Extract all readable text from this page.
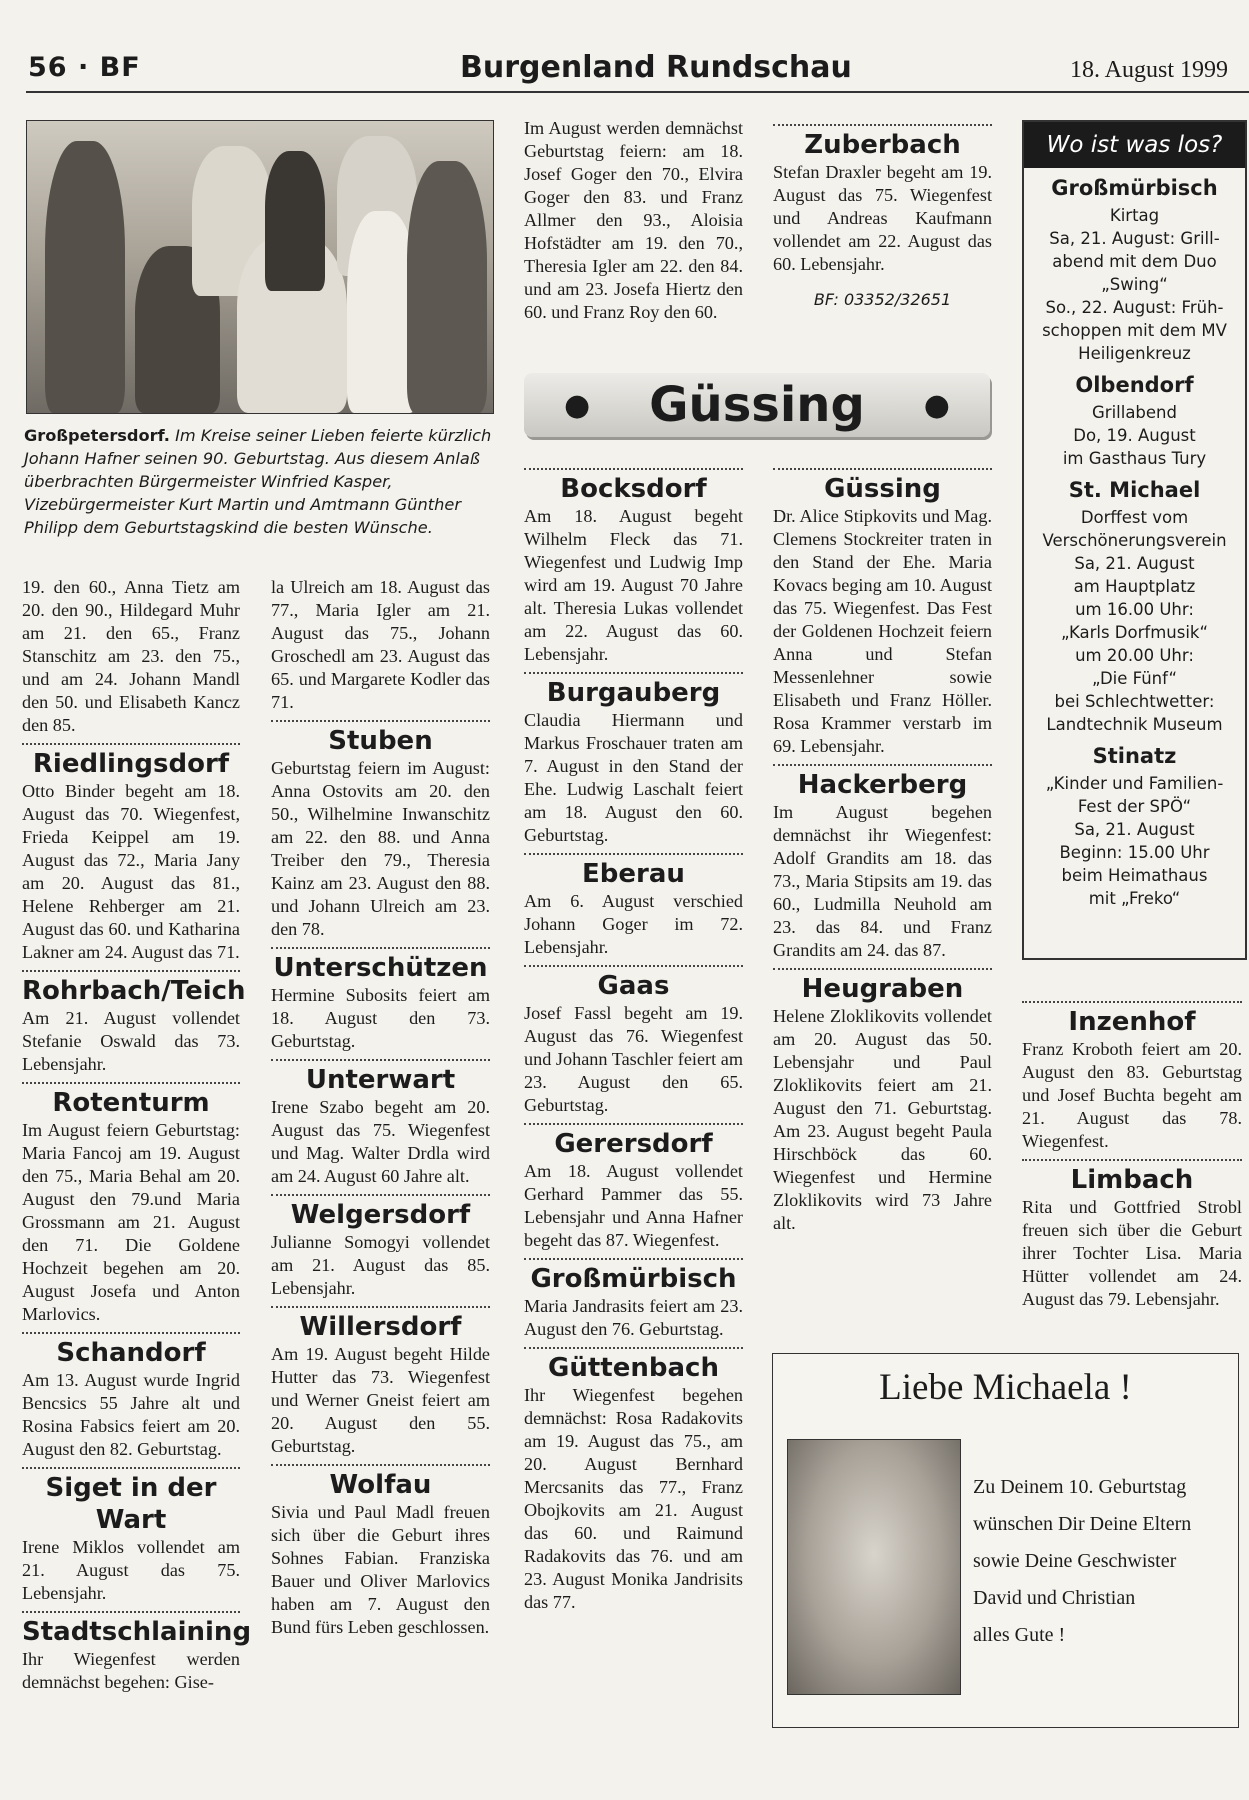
56 · BF	Burgenland Rundschau	18. August 1999
Großpetersdorf. Im Kreise seiner Lieben feierte kürzlich Johann Hafner seinen 90. Geburtstag. Aus diesem Anlaß überbrachten Bürgermeister Winfried Kasper, Vizebürgermeister Kurt Martin und Amtmann Günther Philipp dem Geburtstagskind die besten Wünsche.

19. den 60., Anna Tietz am 20. den 90., Hildegard Muhr am 21. den 65., Franz Stanschitz am 23. den 75., und am 24. Johann Mandl den 50. und Elisabeth Kancz den 85.

Riedlingsdorf

Otto Binder begeht am 18. August das 70. Wiegenfest, Frieda Keippel am 19. August das 72., Maria Jany am 20. August das 81., Helene Rehberger am 21. August das 60. und Katharina Lakner am 24. August das 71.

Rohrbach/Teich

Am 21. August vollendet Stefanie Oswald das 73. Lebensjahr.

Rotenturm

Im August feiern Geburtstag: Maria Fancoj am 19. August den 75., Maria Behal am 20. August den 79.und Maria Grossmann am 21. August den 71. Die Goldene Hochzeit begehen am 20. August Josefa und Anton Marlovics.

Schandorf

Am 13. August wurde Ingrid Bencsics 55 Jahre alt und Rosina Fabsics feiert am 20. August den 82. Geburtstag.

Siget in der Wart

Irene Miklos vollendet am 21. August das 75. Lebensjahr.

Stadtschlaining

Ihr Wiegenfest werden demnächst begehen: Gise-

la Ulreich am 18. August das 77., Maria Igler am 21. August das 75., Johann Groschedl am 23. August das 65. und Margarete Kodler das 71.

Stuben

Geburtstag feiern im August: Anna Ostovits am 20. den 50., Wilhelmine Inwanschitz am 22. den 88. und Anna Treiber den 79., Theresia Kainz am 23. August den 88. und Johann Ulreich am 23. den 78.

Unterschützen

Hermine Subosits feiert am 18. August den 73. Geburtstag.

Unterwart

Irene Szabo begeht am 20. August das 75. Wiegenfest und Mag. Walter Drdla wird am 24. August 60 Jahre alt.

Welgersdorf

Julianne Somogyi vollendet am 21. August das 85. Lebensjahr.

Willersdorf

Am 19. August begeht Hilde Hutter das 73. Wiegenfest und Werner Gneist feiert am 20. August den 55. Geburtstag.

Wolfau

Sivia und Paul Madl freuen sich über die Geburt ihres Sohnes Fabian. Franziska Bauer und Oliver Marlovics haben am 7. August den Bund fürs Leben geschlossen.

Im August werden demnächst Geburtstag feiern: am 18. Josef Goger den 70., Elvira Goger den 83. und Franz Allmer den 93., Aloisia Hofstädter am 19. den 70., Theresia Igler am 22. den 84. und am 23. Josefa Hiertz den 60. und Franz Roy den 60.

Zuberbach

Stefan Draxler begeht am 19. August das 75. Wiegenfest und Andreas Kaufmann vollendet am 22. August das 60. Lebensjahr.

BF: 03352/32651

● Güssing ●
Bocksdorf

Am 18. August begeht Wilhelm Fleck das 71. Wiegenfest und Ludwig Imp wird am 19. August 70 Jahre alt. Theresia Lukas vollendet am 22. August das 60. Lebensjahr.

Burgauberg

Claudia Hiermann und Markus Froschauer traten am 7. August in den Stand der Ehe. Ludwig Laschalt feiert am 18. August den 60. Geburtstag.

Eberau

Am 6. August verschied Johann Goger im 72. Lebensjahr.

Gaas

Josef Fassl begeht am 19. August das 76. Wiegenfest und Johann Taschler feiert am 23. August den 65. Geburtstag.

Gerersdorf

Am 18. August vollendet Gerhard Pammer das 55. Lebensjahr und Anna Hafner begeht das 87. Wiegenfest.

Großmürbisch

Maria Jandrasits feiert am 23. August den 76. Geburtstag.

Güttenbach

Ihr Wiegenfest begehen demnächst: Rosa Radakovits am 19. August das 75., am 20. August Bernhard Mercsanits das 77., Franz Obojkovits am 21. August das 60. und Raimund Radakovits das 76. und am 23. August Monika Jandrisits das 77.

Güssing

Dr. Alice Stipkovits und Mag. Clemens Stockreiter traten in den Stand der Ehe. Maria Kovacs beging am 10. August das 75. Wiegenfest. Das Fest der Goldenen Hochzeit feiern Anna und Stefan Messenlehner sowie Elisabeth und Franz Höller. Rosa Krammer verstarb im 69. Lebensjahr.

Hackerberg

Im August begehen demnächst ihr Wiegenfest: Adolf Grandits am 18. das 73., Maria Stipsits am 19. das 60., Ludmilla Neuhold am 23. das 84. und Franz Grandits am 24. das 87.

Heugraben

Helene Zloklikovits vollendet am 20. August das 50. Lebensjahr und Paul Zloklikovits feiert am 21. August den 71. Geburtstag. Am 23. August begeht Paula Hirschböck das 60. Wiegenfest und Hermine Zloklikovits wird 73 Jahre alt.

Wo ist was los?
Großmürbisch
Kirtag
Sa, 21. August: Grill-
abend mit dem Duo
„Swing“
So., 22. August: Früh-
schoppen mit dem MV
Heiligenkreuz
Olbendorf
Grillabend
Do, 19. August
im Gasthaus Tury
St. Michael
Dorffest vom
Verschönerungsverein
Sa, 21. August
am Hauptplatz
um 16.00 Uhr:
„Karls Dorfmusik“
um 20.00 Uhr:
„Die Fünf“
bei Schlechtwetter:
Landtechnik Museum
Stinatz
„Kinder und Familien-
Fest der SPÖ“
Sa, 21. August
Beginn: 15.00 Uhr
beim Heimathaus
mit „Freko“
Inzenhof

Franz Kroboth feiert am 20. August den 83. Geburtstag und Josef Buchta begeht am 21. August das 78. Wiegenfest.

Limbach

Rita und Gottfried Strobl freuen sich über die Geburt ihrer Tochter Lisa. Maria Hütter vollendet am 24. August das 79. Lebensjahr.

Liebe Michaela !
Zu Deinem 10. Geburtstag
wünschen Dir Deine Eltern
sowie Deine Geschwister
David und Christian
alles Gute !
